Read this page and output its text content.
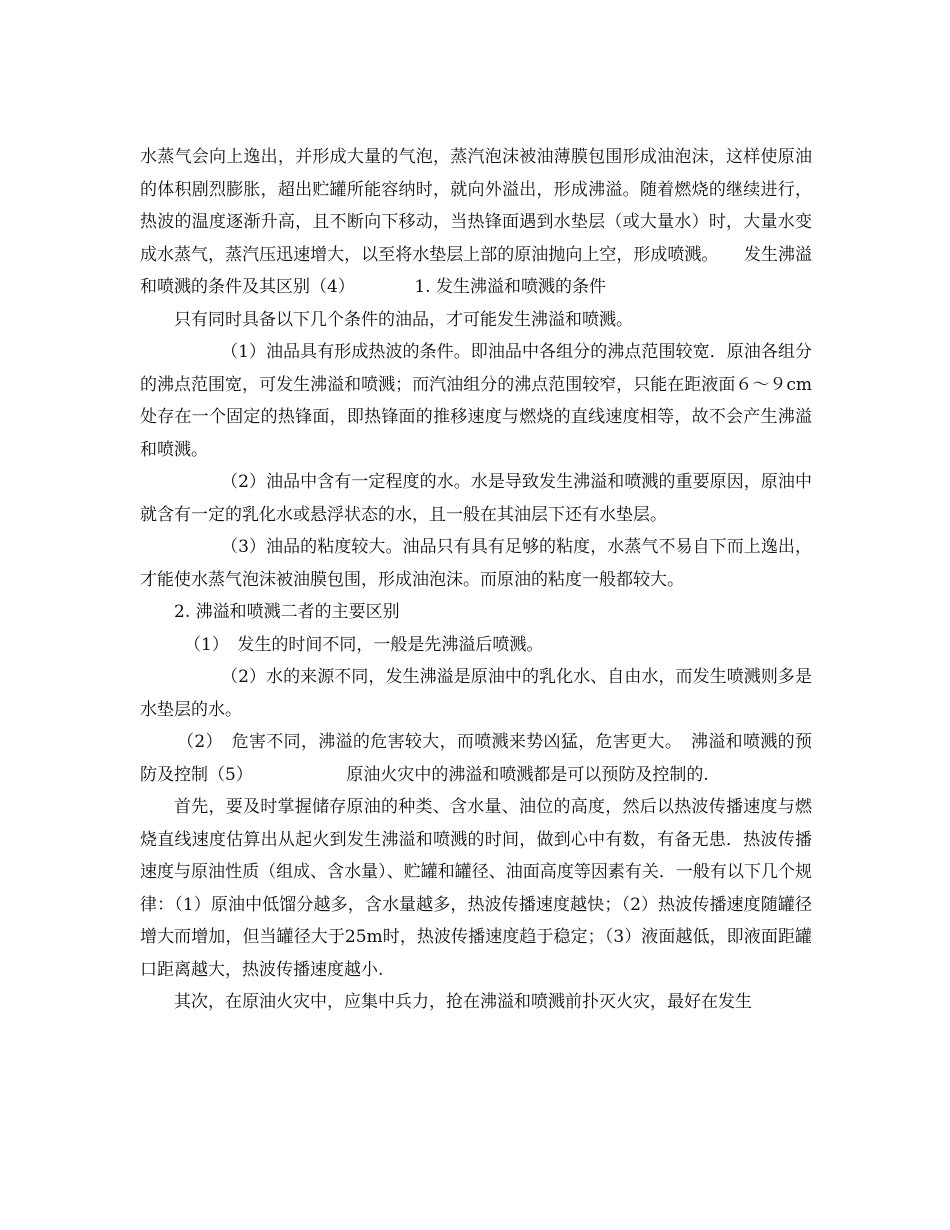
水蒸气会向上逸出，并形成大量的气泡，蒸汽泡沫被油薄膜包围形成油泡沫，这样使原油的体积剧烈膨胀，超出贮罐所能容纳时，就向外溢出，形成沸溢。随着燃烧的继续进行，热波的温度逐渐升高，且不断向下移动，当热锋面遇到水垫层（或大量水）时，大量水变成水蒸气，蒸汽压迅速增大，以至将水垫层上部的原油抛向上空，形成喷溅。　　发生沸溢和喷溅的条件及其区别（4）　　　　1. 发生沸溢和喷溅的条件

只有同时具备以下几个条件的油品，才可能发生沸溢和喷溅。

（1）油品具有形成热波的条件。即油品中各组分的沸点范围较宽．原油各组分的沸点范围宽，可发生沸溢和喷溅；而汽油组分的沸点范围较窄，只能在距液面６～９cm处存在一个固定的热锋面，即热锋面的推移速度与燃烧的直线速度相等，故不会产生沸溢和喷溅。

（2）油品中含有一定程度的水。水是导致发生沸溢和喷溅的重要原因，原油中就含有一定的乳化水或悬浮状态的水，且一般在其油层下还有水垫层。

（3）油品的粘度较大。油品只有具有足够的粘度，水蒸气不易自下而上逸出，才能使水蒸气泡沫被油膜包围，形成油泡沫。而原油的粘度一般都较大。

2. 沸溢和喷溅二者的主要区别

（1）　发生的时间不同，一般是先沸溢后喷溅。

（2）水的来源不同，发生沸溢是原油中的乳化水、自由水，而发生喷溅则多是水垫层的水。

（2）　危害不同，沸溢的危害较大，而喷溅来势凶猛，危害更大。　沸溢和喷溅的预防及控制（5）　　　　　　原油火灾中的沸溢和喷溅都是可以预防及控制的.

首先，要及时掌握储存原油的种类、含水量、油位的高度，然后以热波传播速度与燃烧直线速度估算出从起火到发生沸溢和喷溅的时间，做到心中有数，有备无患．热波传播速度与原油性质（组成、含水量）、贮罐和罐径、油面高度等因素有关．一般有以下几个规律：（1）原油中低馏分越多，含水量越多，热波传播速度越快；（2）热波传播速度随罐径增大而增加，但当罐径大于25m时，热波传播速度趋于稳定；（3）液面越低，即液面距罐口距离越大，热波传播速度越小.

其次，在原油火灾中，应集中兵力，抢在沸溢和喷溅前扑灭火灾，最好在发生
